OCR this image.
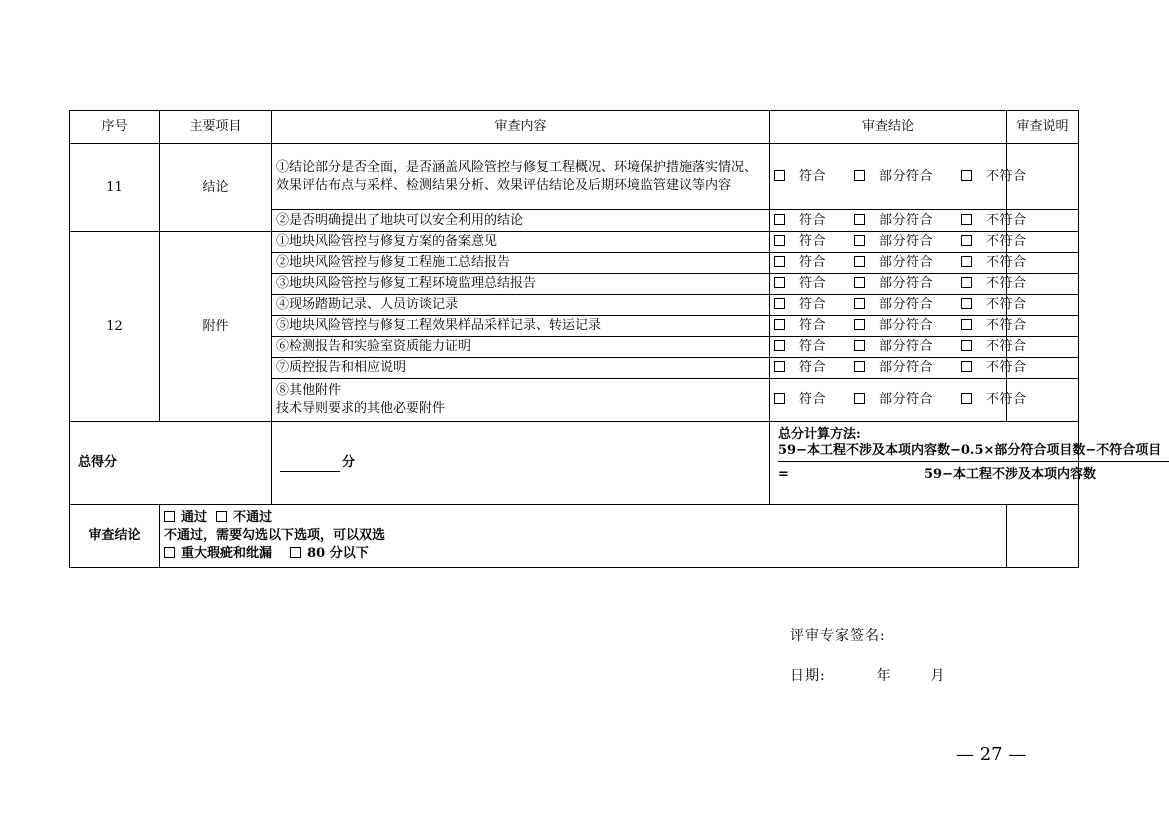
序号	主要项目	审查内容	审查结论	审查说明
11	结论	①结论部分是否全面，是否涵盖风险管控与修复工程概况、环境保护措施落实情况、效果评估布点与采样、检测结果分析、效果评估结论及后期环境监管建议等内容	符合 部分符合 不符合	
		②是否明确提出了地块可以安全利用的结论	符合 部分符合 不符合	
12	附件	①地块风险管控与修复方案的备案意见	符合 部分符合 不符合	
		②地块风险管控与修复工程施工总结报告	符合 部分符合 不符合	
		③地块风险管控与修复工程环境监理总结报告	符合 部分符合 不符合	
		④现场踏勘记录、人员访谈记录	符合 部分符合 不符合	
		⑤地块风险管控与修复工程效果样品采样记录、转运记录	符合 部分符合 不符合	
		⑥检测报告和实验室资质能力证明	符合 部分符合 不符合	
		⑦质控报告和相应说明	符合 部分符合 不符合	
		⑧其他附件
技术导则要求的其他必要附件	符合 部分符合 不符合	
总得分		分	总分计算方法:
59−本工程不涉及本项内容数−0.5×部分符合项目数−不符合项目
= 59−本工程不涉及本项内容数	

审查结论	通过 不通过
不通过，需要勾选以下选项，可以双选
重大瑕疵和纰漏 80 分以下			

评审专家签名:
日期:	年	月
— 27 —
